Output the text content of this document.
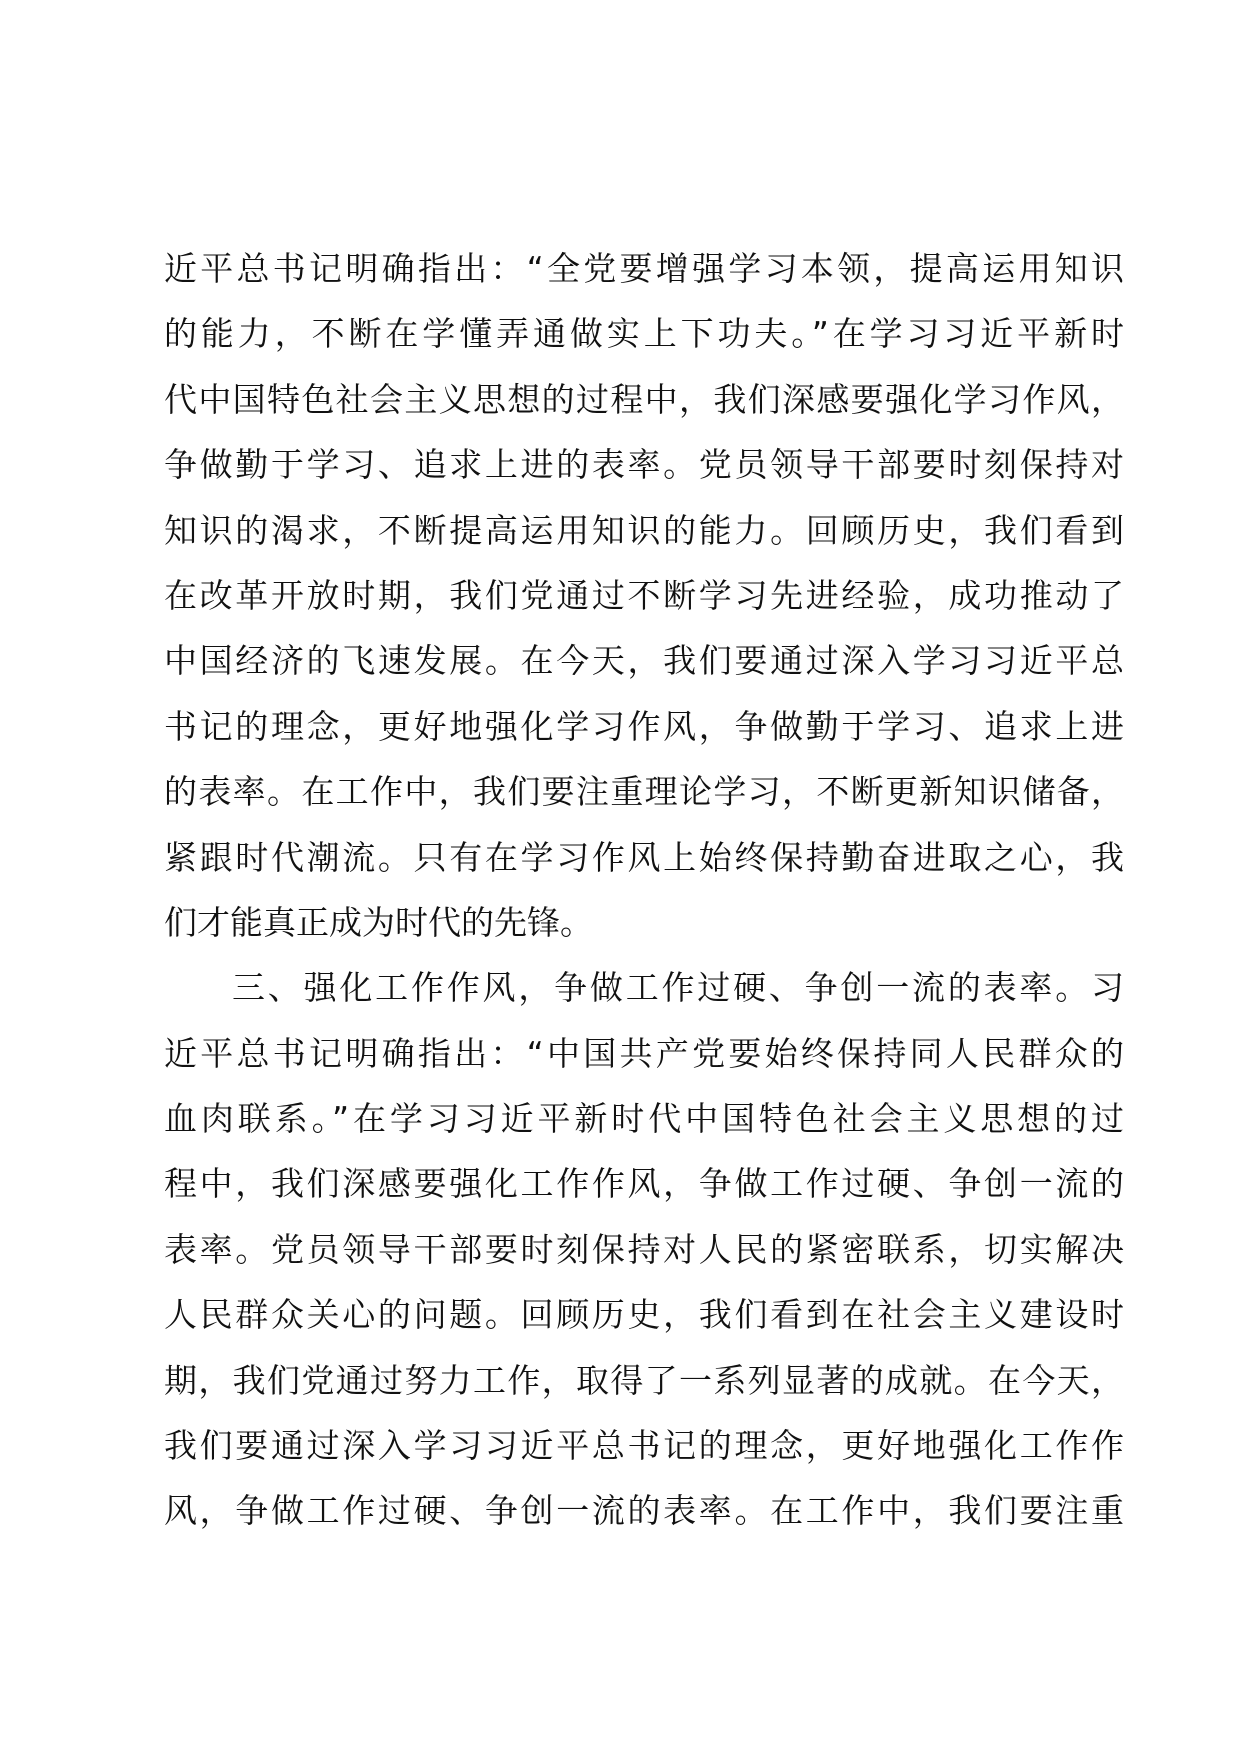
近平总书记明确指出：“全党要增强学习本领，提高运用知识
的能力，不断在学懂弄通做实上下功夫。”在学习习近平新时
代中国特色社会主义思想的过程中，我们深感要强化学习作风，
争做勤于学习、追求上进的表率。党员领导干部要时刻保持对
知识的渴求，不断提高运用知识的能力。回顾历史，我们看到
在改革开放时期，我们党通过不断学习先进经验，成功推动了
中国经济的飞速发展。在今天，我们要通过深入学习习近平总
书记的理念，更好地强化学习作风，争做勤于学习、追求上进
的表率。在工作中，我们要注重理论学习，不断更新知识储备，
紧跟时代潮流。只有在学习作风上始终保持勤奋进取之心，我
们才能真正成为时代的先锋。
三、强化工作作风，争做工作过硬、争创一流的表率。习
近平总书记明确指出：“中国共产党要始终保持同人民群众的
血肉联系。”在学习习近平新时代中国特色社会主义思想的过
程中，我们深感要强化工作作风，争做工作过硬、争创一流的
表率。党员领导干部要时刻保持对人民的紧密联系，切实解决
人民群众关心的问题。回顾历史，我们看到在社会主义建设时
期，我们党通过努力工作，取得了一系列显著的成就。在今天，
我们要通过深入学习习近平总书记的理念，更好地强化工作作
风，争做工作过硬、争创一流的表率。在工作中，我们要注重
